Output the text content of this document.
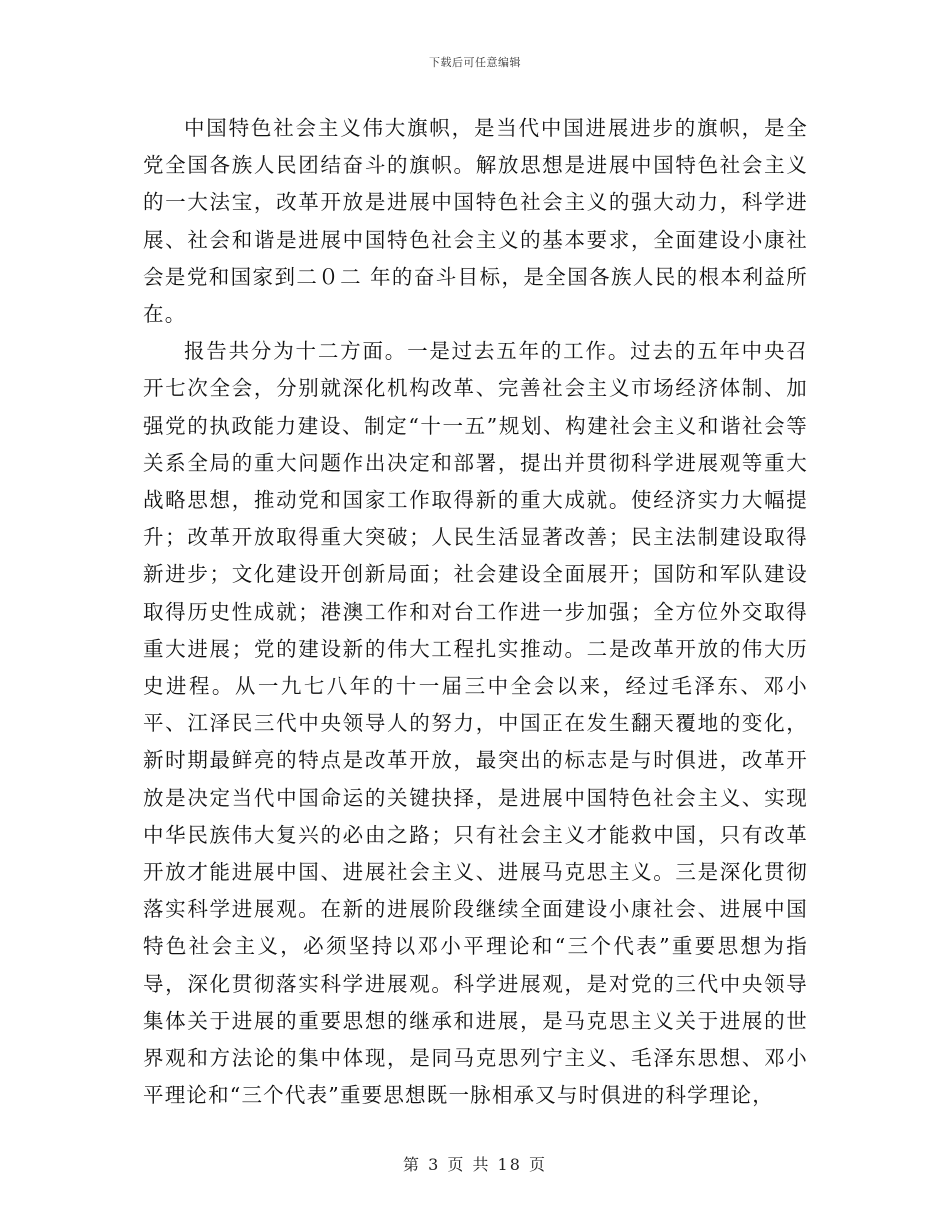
下载后可任意编辑

中国特色社会主义伟大旗帜，是当代中国进展进步的旗帜，是全党全国各族人民团结奋斗的旗帜。解放思想是进展中国特色社会主义的一大法宝，改革开放是进展中国特色社会主义的强大动力，科学进展、社会和谐是进展中国特色社会主义的基本要求，全面建设小康社会是党和国家到二０二 年的奋斗目标，是全国各族人民的根本利益所在。

报告共分为十二方面。一是过去五年的工作。过去的五年中央召开七次全会，分别就深化机构改革、完善社会主义市场经济体制、加强党的执政能力建设、制定“十一五”规划、构建社会主义和谐社会等关系全局的重大问题作出决定和部署，提出并贯彻科学进展观等重大战略思想，推动党和国家工作取得新的重大成就。使经济实力大幅提升；改革开放取得重大突破；人民生活显著改善；民主法制建设取得新进步；文化建设开创新局面；社会建设全面展开；国防和军队建设取得历史性成就；港澳工作和对台工作进一步加强；全方位外交取得重大进展；党的建设新的伟大工程扎实推动。二是改革开放的伟大历史进程。从一九七八年的十一届三中全会以来，经过毛泽东、邓小平、江泽民三代中央领导人的努力，中国正在发生翻天覆地的变化，新时期最鲜亮的特点是改革开放，最突出的标志是与时俱进，改革开放是决定当代中国命运的关键抉择，是进展中国特色社会主义、实现中华民族伟大复兴的必由之路；只有社会主义才能救中国，只有改革开放才能进展中国、进展社会主义、进展马克思主义。三是深化贯彻落实科学进展观。在新的进展阶段继续全面建设小康社会、进展中国特色社会主义，必须坚持以邓小平理论和“三个代表”重要思想为指导，深化贯彻落实科学进展观。科学进展观，是对党的三代中央领导集体关于进展的重要思想的继承和进展，是马克思主义关于进展的世界观和方法论的集中体现，是同马克思列宁主义、毛泽东思想、邓小平理论和“三个代表”重要思想既一脉相承又与时俱进的科学理论，

第 3 页 共 18 页
